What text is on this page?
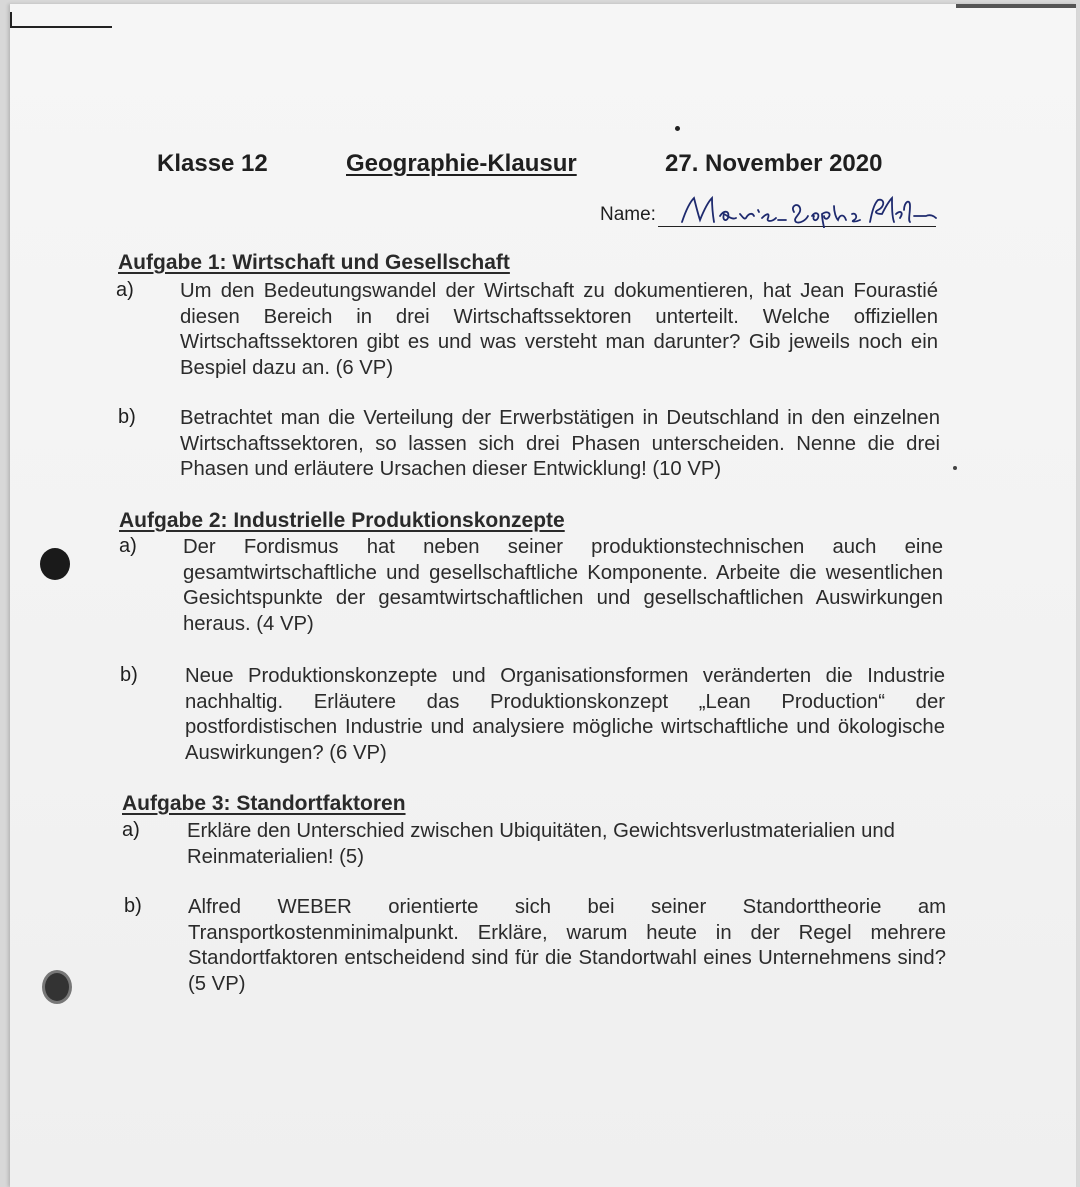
Klasse 12	Geographie-Klausur	27. November 2020
Name:
Aufgabe 1: Wirtschaft und Gesellschaft
a) Um den Bedeutungswandel der Wirtschaft zu dokumentieren, hat Jean Fourastié diesen Bereich in drei Wirtschaftssektoren unterteilt. Welche offiziellen Wirtschaftssektoren gibt es und was versteht man darunter? Gib jeweils noch ein Bespiel dazu an. (6 VP)
b) Betrachtet man die Verteilung der Erwerbstätigen in Deutschland in den einzelnen Wirtschaftssektoren, so lassen sich drei Phasen unterscheiden. Nenne die drei Phasen und erläutere Ursachen dieser Entwicklung! (10 VP)
Aufgabe 2: Industrielle Produktionskonzepte
a) Der Fordismus hat neben seiner produktionstechnischen auch eine gesamtwirtschaftliche und gesellschaftliche Komponente. Arbeite die wesentlichen Gesichtspunkte der gesamtwirtschaftlichen und gesellschaftlichen Auswirkungen heraus. (4 VP)
b) Neue Produktionskonzepte und Organisationsformen veränderten die Industrie nachhaltig. Erläutere das Produktionskonzept „Lean Production“ der postfordistischen Industrie und analysiere mögliche wirtschaftliche und ökologische Auswirkungen? (6 VP)
Aufgabe 3: Standortfaktoren
a) Erkläre den Unterschied zwischen Ubiquitäten, Gewichtsverlustmaterialien und Reinmaterialien! (5)
b) Alfred WEBER orientierte sich bei seiner Standorttheorie am Transportkostenminimalpunkt. Erkläre, warum heute in der Regel mehrere Standortfaktoren entscheidend sind für die Standortwahl eines Unternehmens sind? (5 VP)
